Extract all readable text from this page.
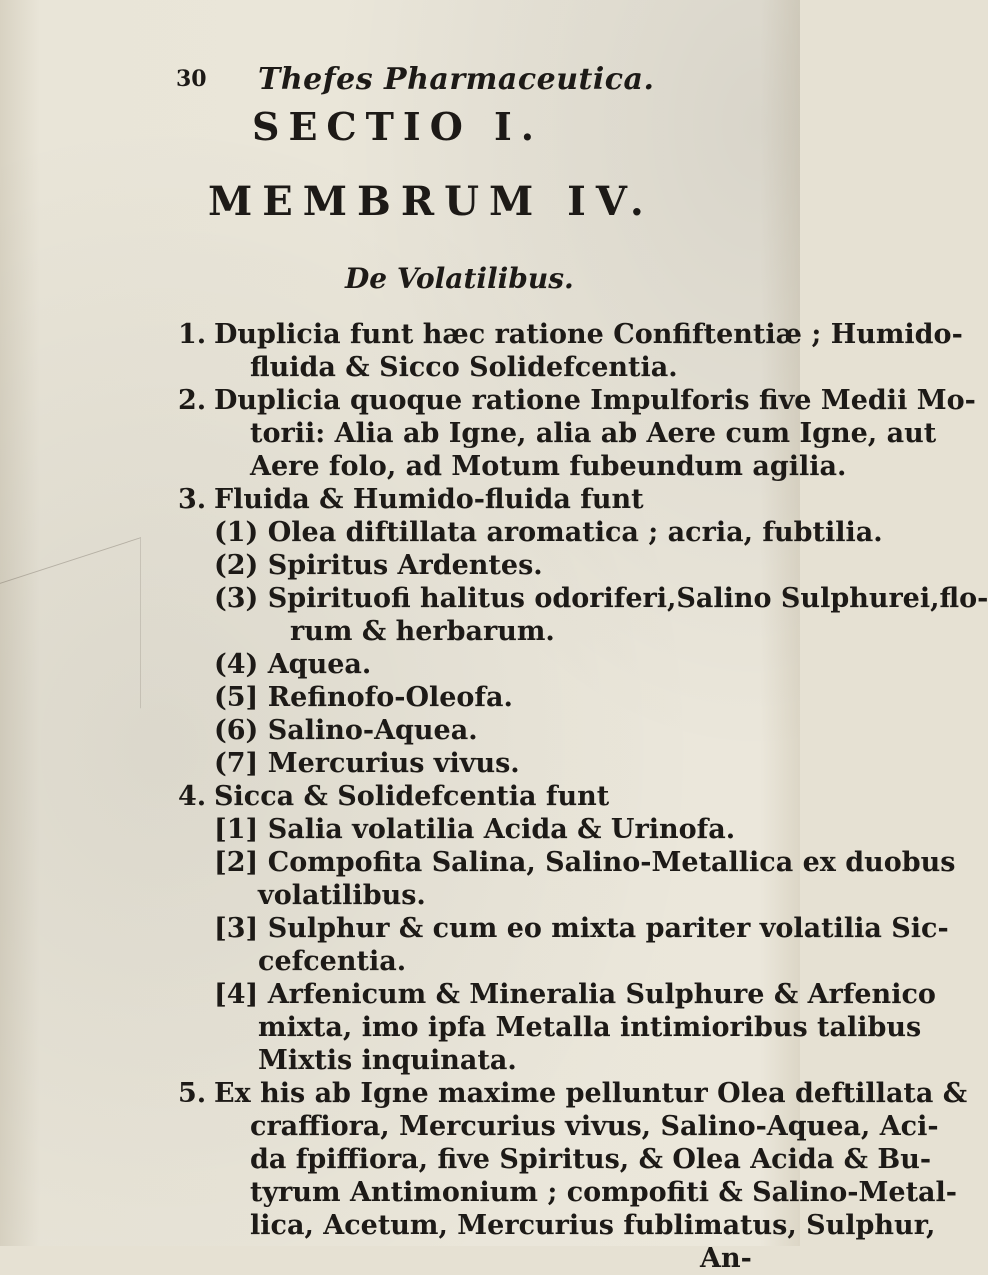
30 Thefes Pharmaceutica.
SECTIO I.
MEMBRUM IV.
De Volatilibus.
1. Duplicia funt hæc ratione Confiftentiæ ; Humido-
fluida & Sicco Solidefcentia.
2. Duplicia quoque ratione Impulforis five Medii Mo-
torii: Alia ab Igne, alia ab Aere cum Igne, aut
Aere folo, ad Motum fubeundum agilia.
3. Fluida & Humido-fluida funt
(1) Olea diftillata aromatica ; acria, fubtilia.
(2) Spiritus Ardentes.
(3) Spirituofi halitus odoriferi,Salino Sulphurei,flo-
rum & herbarum.
(4) Aquea.
(5] Refinofo-Oleofa.
(6) Salino-Aquea.
(7] Mercurius vivus.
4. Sicca & Solidefcentia funt
[1] Salia volatilia Acida & Urinofa.
[2] Compofita Salina, Salino-Metallica ex duobus
volatilibus.
[3] Sulphur & cum eo mixta pariter volatilia Sic-
cefcentia.
[4] Arfenicum & Mineralia Sulphure & Arfenico
mixta, imo ipfa Metalla intimioribus talibus
Mixtis inquinata.
5. Ex his ab Igne maxime pelluntur Olea deftillata &
craffiora, Mercurius vivus, Salino-Aquea, Aci-
da fpiffiora, five Spiritus, & Olea Acida & Bu-
tyrum Antimonium ; compofiti & Salino-Metal-
lica, Acetum, Mercurius fublimatus, Sulphur,
An-
